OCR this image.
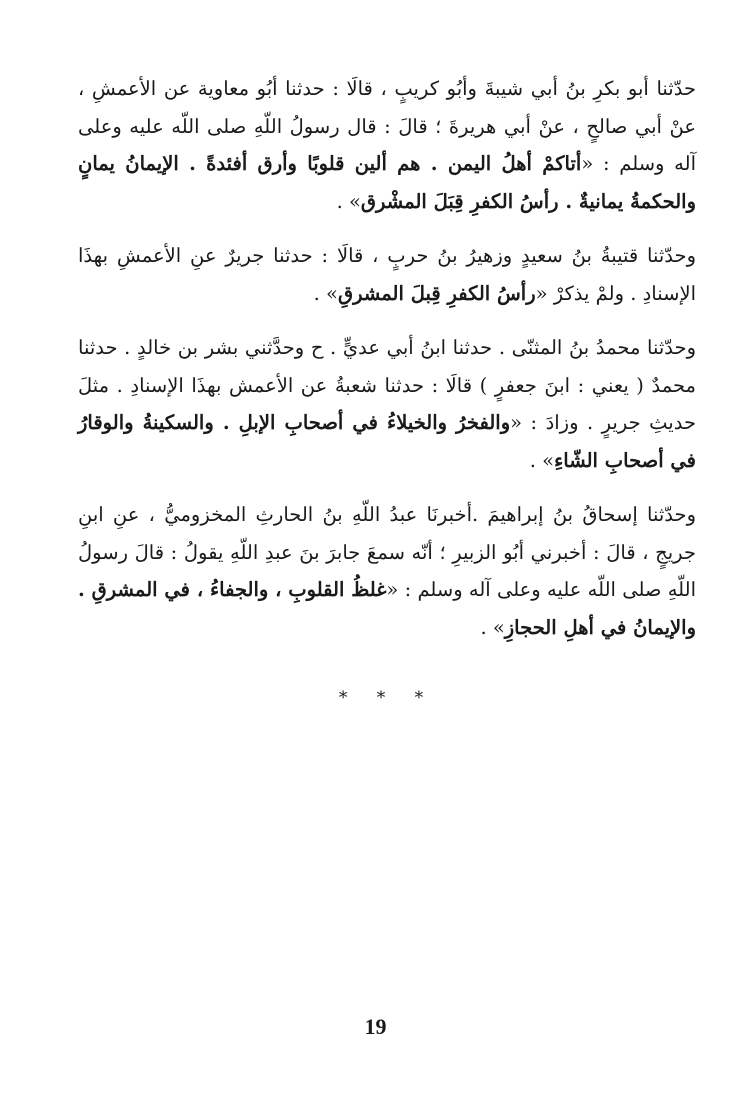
حدّثنا أبو بكرِ بنُ أبي شيبةَ وأبُو كريبٍ ، قالَا : حدثنا أبُو معاوية عن الأعمشِ ، عنْ أبي صالحٍ ، عنْ أبي هريرةَ ؛ قالَ : قال رسولُ اللّهِ صلى اللّه عليه وعلى آله وسلم : «أتاكمْ أهلُ اليمن . هم ألين قلوبًا وأرق أفئدةً . الإيمانُ يمانٍ والحكمةُ يمانيةٌ . رأسُ الكفرِ قِبَلَ المشْرق» .

وحدّثنا قتيبةُ بنُ سعيدٍ وزهيرُ بنُ حربٍ ، قالَا : حدثنا جريرٌ عنِ الأعمشِ بهذَا الإسنادِ . ولمْ يذكرْ «رأسُ الكفرِ قِبلَ المشرقِ» .

وحدّثنا محمدُ بنُ المثنّى . حدثنا ابنُ أبي عديٍّ . ح وحدَّثني بشر بن خالدٍ . حدثنا محمدٌ ( يعني : ابنَ جعفرٍ ) قالَا : حدثنا شعبةُ عن الأعمش بهذَا الإسنادِ . مثلَ حديثِ جريرٍ . وزادَ : «والفخرُ والخيلاءُ في أصحابِ الإبلِ . والسكينةُ والوقارُ في أصحابِ الشّاءِ» .

وحدّثنا إسحاقُ بنُ إبراهيمَ .أخبرنَا عبدُ اللّهِ بنُ الحارثِ المخزوميُّ ، عنِ ابنِ جريجٍ ، قالَ : أخبرني أبُو الزبيرِ ؛ أنّه سمعَ جابرَ بنَ عبدِ اللّهِ يقولُ : قالَ رسولُ اللّهِ صلى اللّه عليه وعلى آله وسلم : «غلظُ القلوبِ ، والجفاءُ ، في المشرقِ . والإيمانُ في أهلِ الحجازِ» .

* * *
19
